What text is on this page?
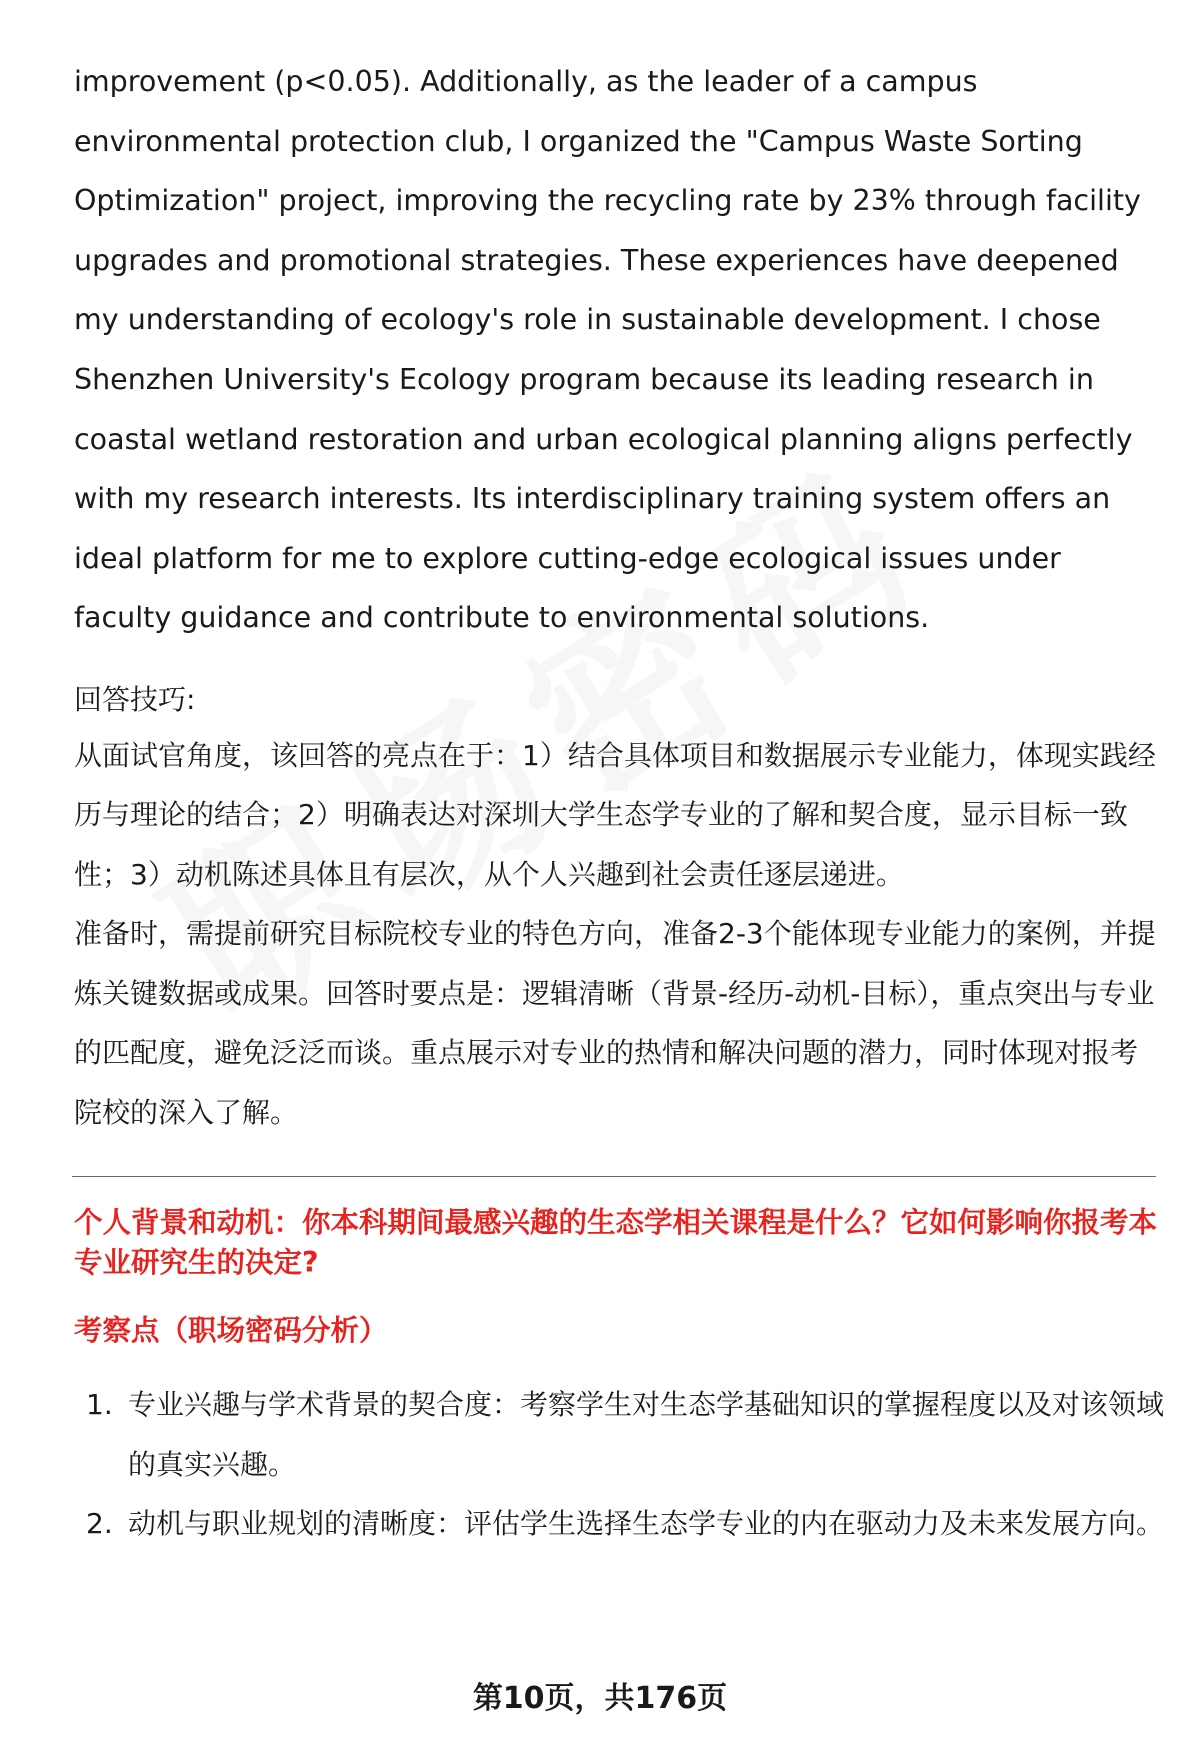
improvement (p<0.05). Additionally, as the leader of a campus environmental protection club, I organized the "Campus Waste Sorting Optimization" project, improving the recycling rate by 23% through facility upgrades and promotional strategies. These experiences have deepened my understanding of ecology's role in sustainable development. I chose Shenzhen University's Ecology program because its leading research in coastal wetland restoration and urban ecological planning aligns perfectly with my research interests. Its interdisciplinary training system offers an ideal platform for me to explore cutting-edge ecological issues under faculty guidance and contribute to environmental solutions.

回答技巧:

从面试官角度，该回答的亮点在于：1）结合具体项目和数据展示专业能力，体现实践经历与理论的结合；2）明确表达对深圳大学生态学专业的了解和契合度，显示目标一致性；3）动机陈述具体且有层次，从个人兴趣到社会责任逐层递进。

准备时，需提前研究目标院校专业的特色方向，准备2-3个能体现专业能力的案例，并提炼关键数据或成果。回答时要点是：逻辑清晰（背景-经历-动机-目标），重点突出与专业的匹配度，避免泛泛而谈。重点展示对专业的热情和解决问题的潜力，同时体现对报考院校的深入了解。

个人背景和动机：你本科期间最感兴趣的生态学相关课程是什么？它如何影响你报考本专业研究生的决定?

考察点（职场密码分析）
1. 专业兴趣与学术背景的契合度：考察学生对生态学基础知识的掌握程度以及对该领域的真实兴趣。
2. 动机与职业规划的清晰度：评估学生选择生态学专业的内在驱动力及未来发展方向。
第10页，共176页
